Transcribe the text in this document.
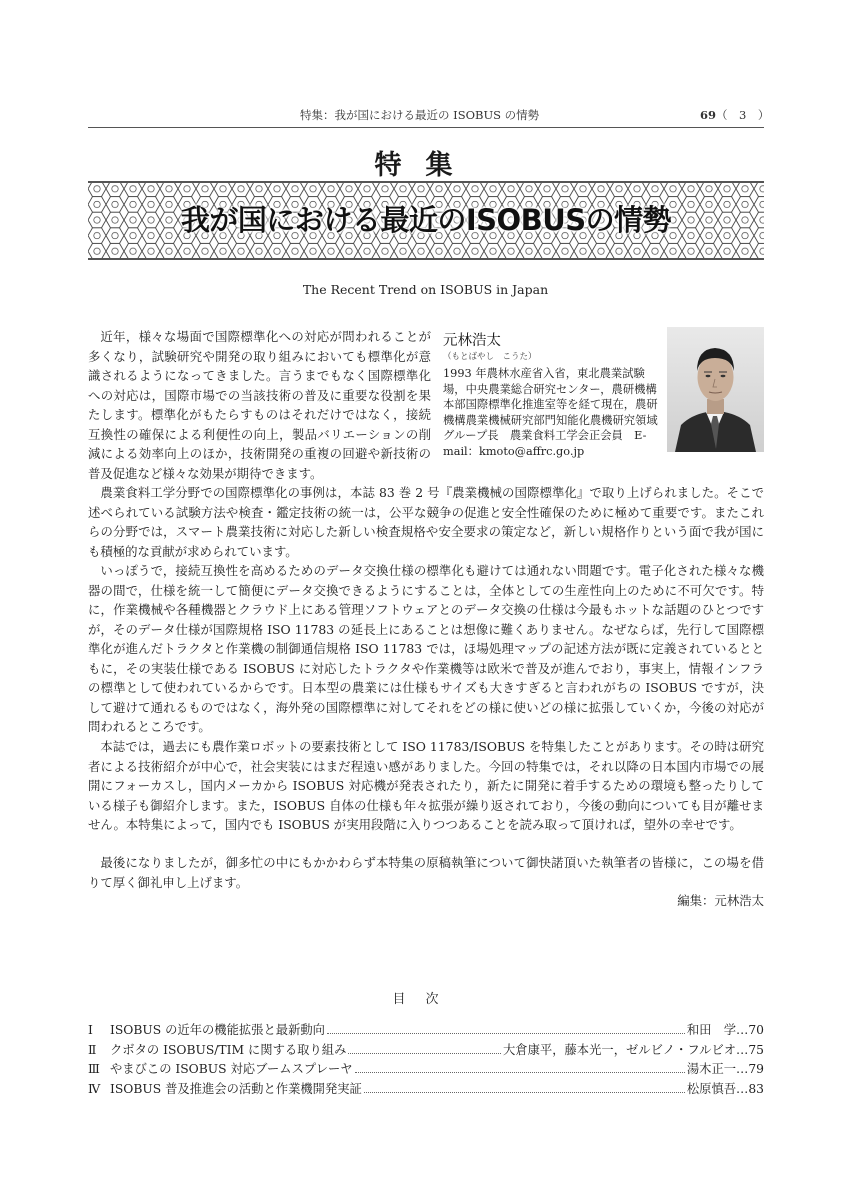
特集：我が国における最近の ISOBUS の情勢	69（　3　）
特集
我が国における最近のISOBUSの情勢
The Recent Trend on ISOBUS in Japan
元林浩太
（もとばやし　こうた）
1993 年農林水産省入省，東北農業試験場，中央農業総合研究センター，農研機構本部国際標準化推進室等を経て現在，農研機構農業機械研究部門知能化農機研究領域グループ長　農業食料工学会正会員　E-mail：kmoto@affrc.go.jp
近年，様々な場面で国際標準化への対応が問われることが多くなり，試験研究や開発の取り組みにおいても標準化が意識されるようになってきました。言うまでもなく国際標準化への対応は，国際市場での当該技術の普及に重要な役割を果たします。標準化がもたらすものはそれだけではなく，接続互換性の確保による利便性の向上，製品バリエーションの削減による効率向上のほか，技術開発の重複の回避や新技術の普及促進など様々な効果が期待できます。
農業食料工学分野での国際標準化の事例は，本誌 83 巻 2 号『農業機械の国際標準化』で取り上げられました。そこで述べられている試験方法や検査・鑑定技術の統一は，公平な競争の促進と安全性確保のために極めて重要です。またこれらの分野では，スマート農業技術に対応した新しい検査規格や安全要求の策定など，新しい規格作りという面で我が国にも積極的な貢献が求められています。
いっぽうで，接続互換性を高めるためのデータ交換仕様の標準化も避けては通れない問題です。電子化された様々な機器の間で，仕様を統一して簡便にデータ交換できるようにすることは，全体としての生産性向上のために不可欠です。特に，作業機械や各種機器とクラウド上にある管理ソフトウェアとのデータ交換の仕様は今最もホットな話題のひとつですが，そのデータ仕様が国際規格 ISO 11783 の延長上にあることは想像に難くありません。なぜならば，先行して国際標準化が進んだトラクタと作業機の制御通信規格 ISO 11783 では，ほ場処理マップの記述方法が既に定義されているとともに，その実装仕様である ISOBUS に対応したトラクタや作業機等は欧米で普及が進んでおり，事実上，情報インフラの標準として使われているからです。日本型の農業には仕様もサイズも大きすぎると言われがちの ISOBUS ですが，決して避けて通れるものではなく，海外発の国際標準に対してそれをどの様に使いどの様に拡張していくか，今後の対応が問われるところです。
本誌では，過去にも農作業ロボットの要素技術として ISO 11783/ISOBUS を特集したことがあります。その時は研究者による技術紹介が中心で，社会実装にはまだ程遠い感がありました。今回の特集では，それ以降の日本国内市場での展開にフォーカスし，国内メーカから ISOBUS 対応機が発表されたり，新たに開発に着手するための環境も整ったりしている様子も御紹介します。また，ISOBUS 自体の仕様も年々拡張が繰り返されており，今後の動向についても目が離せません。本特集によって，国内でも ISOBUS が実用段階に入りつつあることを読み取って頂ければ，望外の幸せです。
最後になりましたが，御多忙の中にもかかわらず本特集の原稿執筆について御快諾頂いた執筆者の皆様に，この場を借りて厚く御礼申し上げます。
編集：元林浩太
目次
Ⅰ	ISOBUS の近年の機能拡張と最新動向	和田　学…70
Ⅱ	クボタの ISOBUS/TIM に関する取り組み	大倉康平，藤本光一，ゼルビノ・フルビオ…75
Ⅲ やまびこの ISOBUS 対応ブームスプレーヤ	湯木正一…79
Ⅳ ISOBUS 普及推進会の活動と作業機開発実証	松原慎吾…83
